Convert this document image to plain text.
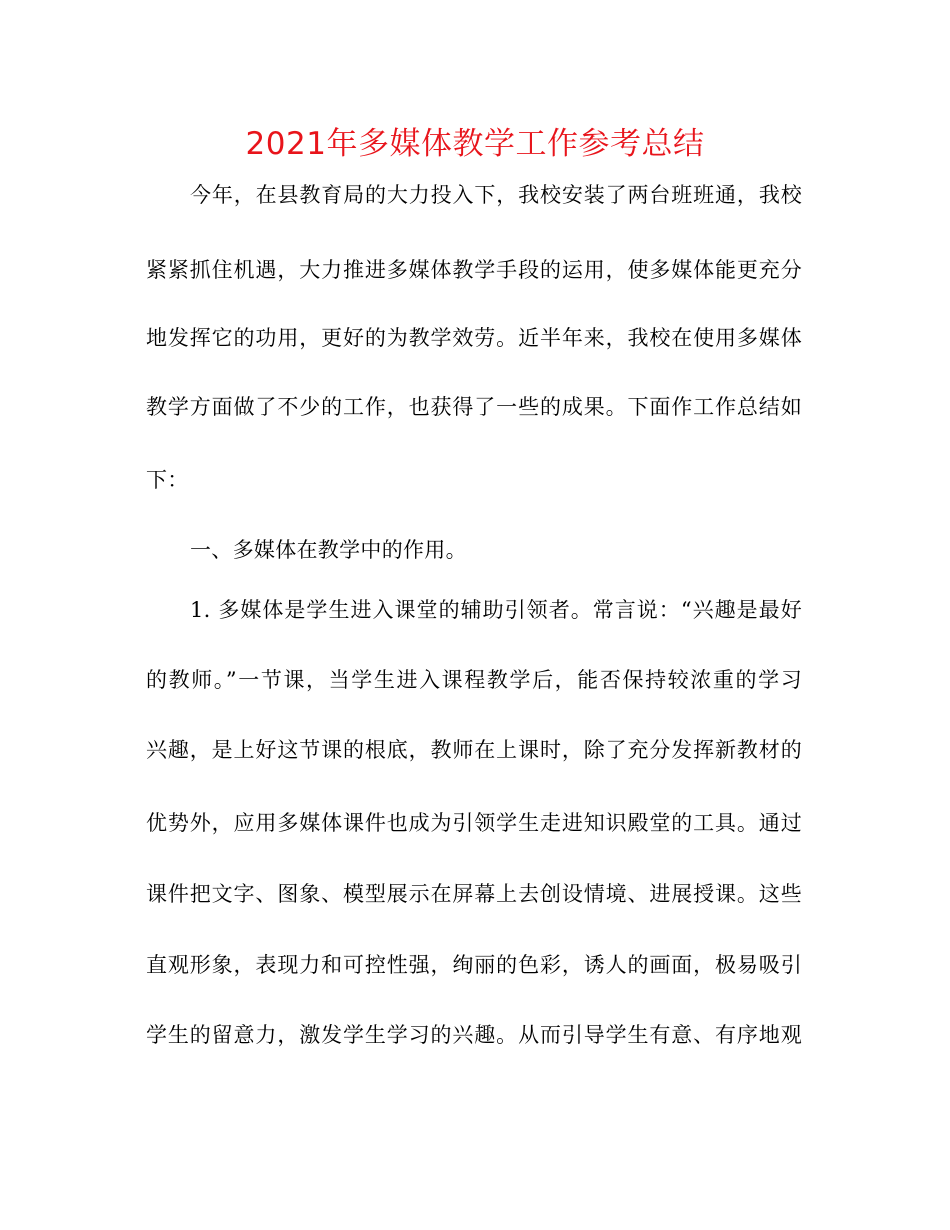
2021年多媒体教学工作参考总结
今年，在县教育局的大力投入下，我校安装了两台班班通，我校
紧紧抓住机遇，大力推进多媒体教学手段的运用，使多媒体能更充分
地发挥它的功用，更好的为教学效劳。近半年来，我校在使用多媒体
教学方面做了不少的工作，也获得了一些的成果。下面作工作总结如
下：
一、多媒体在教学中的作用。
1. 多媒体是学生进入课堂的辅助引领者。常言说：“兴趣是最好
的教师。”一节课，当学生进入课程教学后，能否保持较浓重的学习
兴趣，是上好这节课的根底，教师在上课时，除了充分发挥新教材的
优势外，应用多媒体课件也成为引领学生走进知识殿堂的工具。通过
课件把文字、图象、模型展示在屏幕上去创设情境、进展授课。这些
直观形象，表现力和可控性强，绚丽的色彩，诱人的画面，极易吸引
学生的留意力，激发学生学习的兴趣。从而引导学生有意、有序地观
